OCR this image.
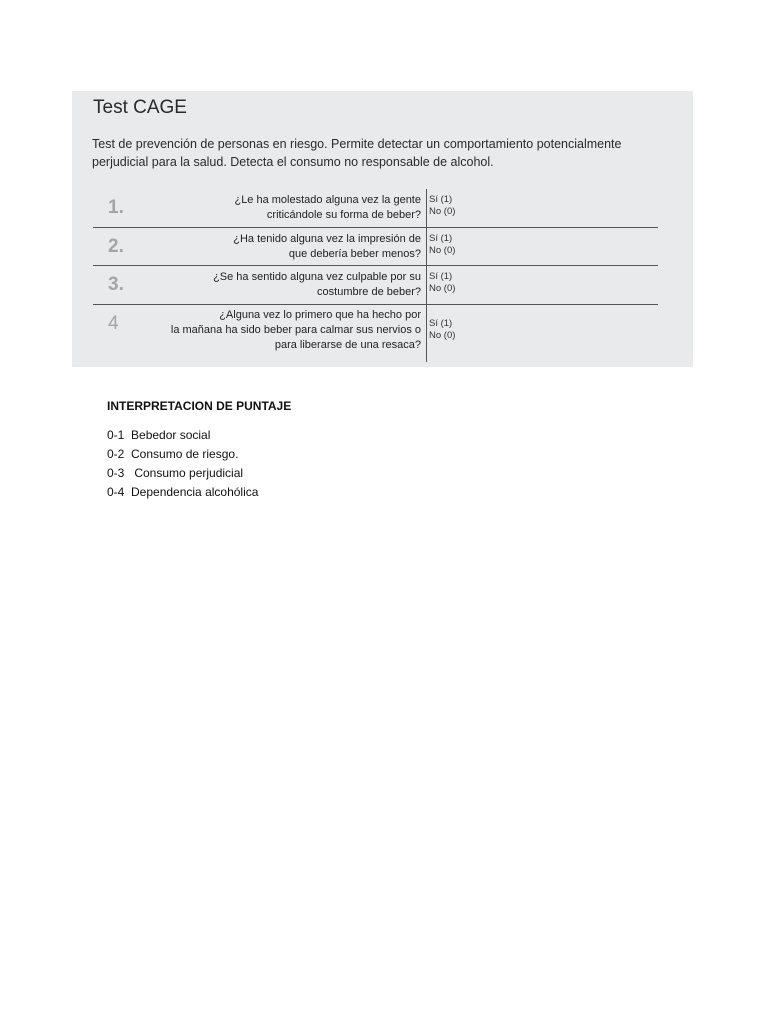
Test CAGE
Test de prevención de personas en riesgo. Permite detectar un comportamiento potencialmente perjudicial para la salud. Detecta el consumo no responsable de alcohol.
1.	¿Le ha molestado alguna vez la gente
criticándole su forma de beber?
Sí (1)
No (0)
2.	¿Ha tenido alguna vez la impresión de
que debería beber menos?
Sí (1)
No (0)
3.	¿Se ha sentido alguna vez culpable por su
costumbre de beber?
Sí (1)
No (0)
4	¿Alguna vez lo primero que ha hecho por
la mañana ha sido beber para calmar sus nervios o
para liberarse de una resaca?
Sí (1)
No (0)
INTERPRETACION DE PUNTAJE
0-1  Bebedor social
0-2  Consumo de riesgo.
0-3   Consumo perjudicial
0-4  Dependencia alcohólica
